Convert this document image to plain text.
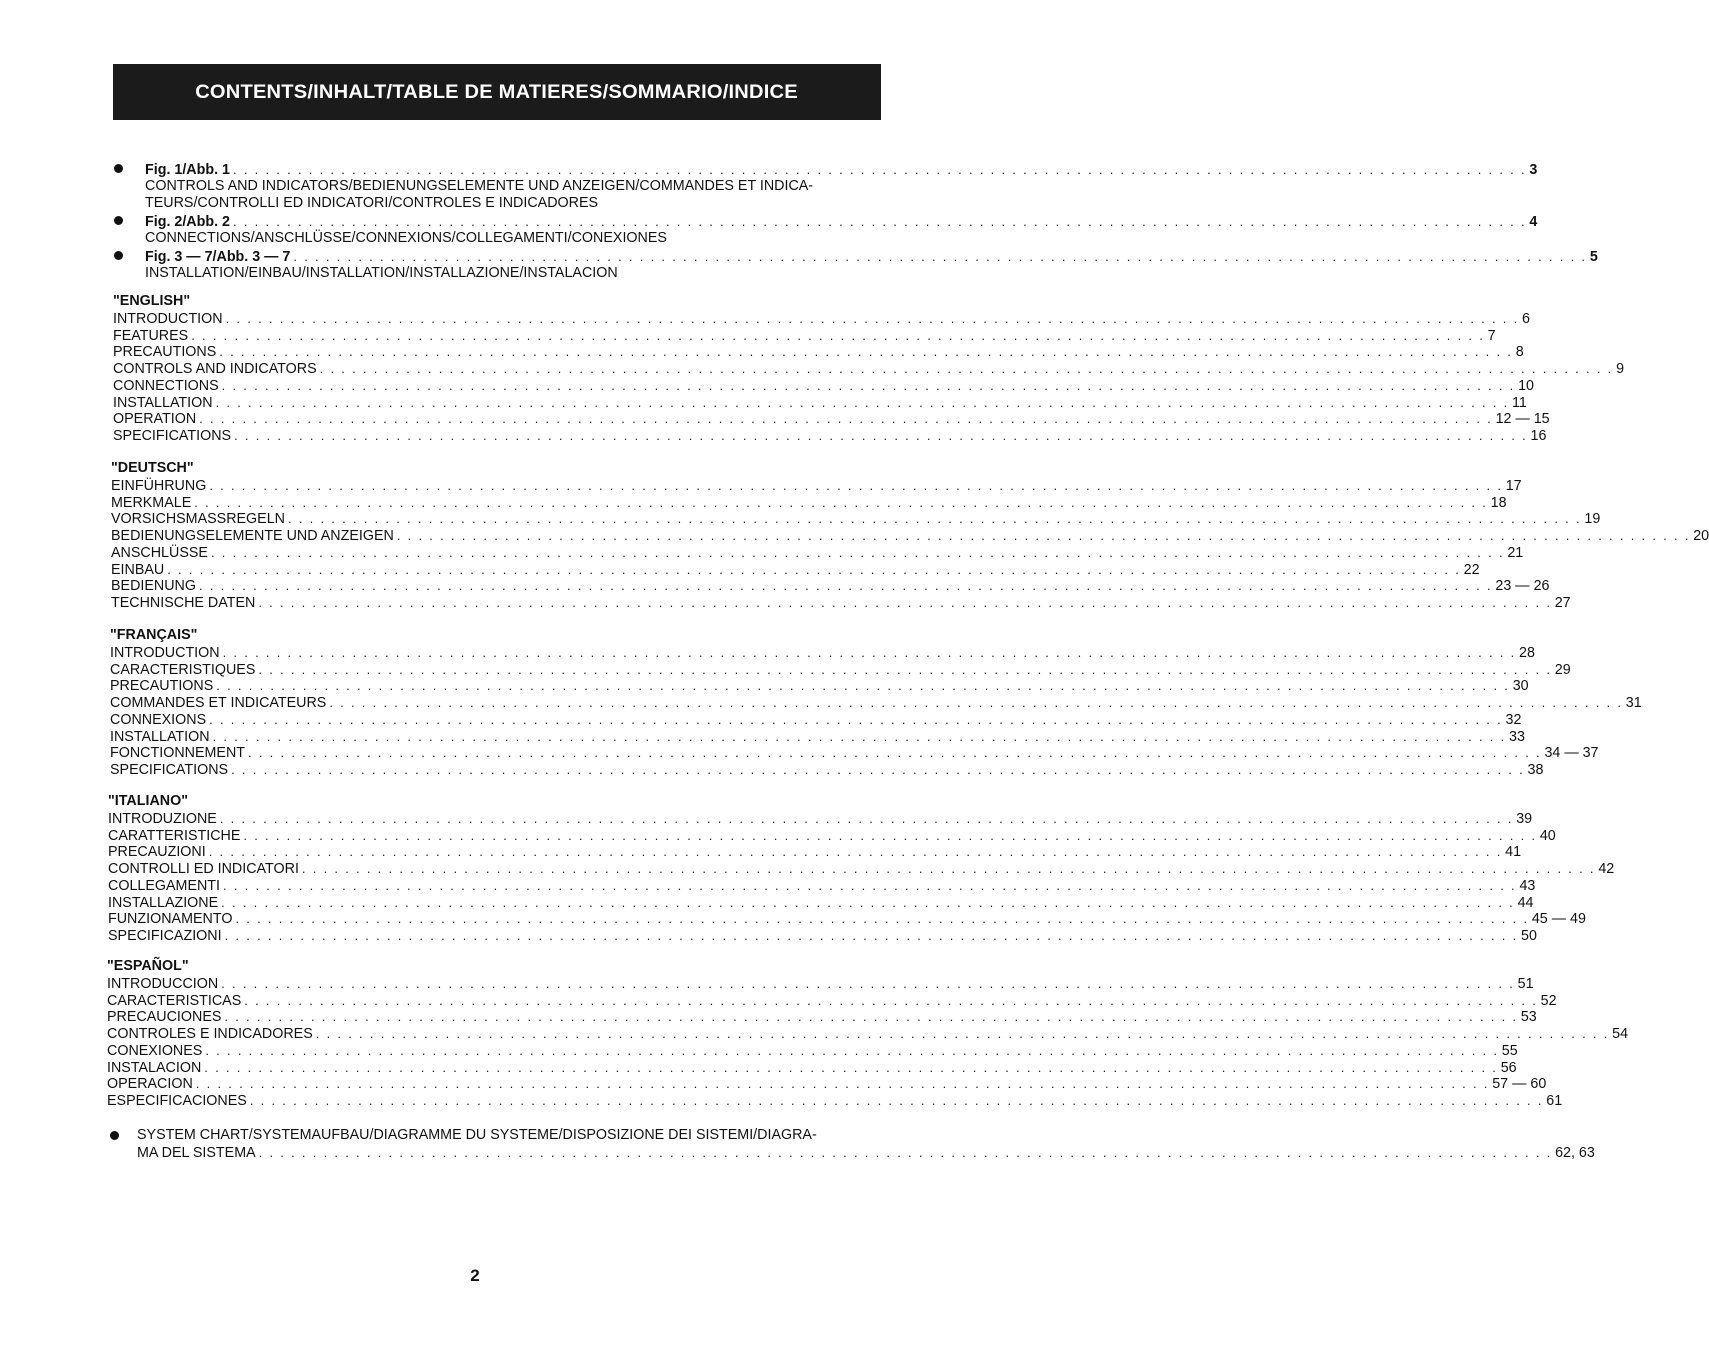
CONTENTS/INHALT/TABLE DE MATIERES/SOMMARIO/INDICE
Fig. 1/Abb. 1 . . . . . . . . . . . . . . . . . . . . . . . . . . . . . . . . . . . . . . . . . . . . . . . . . . . . . . . . . . . . . . . . . . . . . . . . . . . . . . . . . . . . . . . . . . . . . . . . . . . . . . . . . . . . . . . . . . . . . . . . 3
CONTROLS AND INDICATORS/BEDIENUNGSELEMENTE UND ANZEIGEN/COMMANDES ET INDICA-
TEURS/CONTROLLI ED INDICATORI/CONTROLES E INDICADORES
Fig. 2/Abb. 2 . . . . . . . . . . . . . . . . . . . . . . . . . . . . . . . . . . . . . . . . . . . . . . . . . . . . . . . . . . . . . . . . . . . . . . . . . . . . . . . . . . . . . . . . . . . . . . . . . . . . . . . . . . . . . . . . . . . . . . . . 4
CONNECTIONS/ANSCHLÜSSE/CONNEXIONS/COLLEGAMENTI/CONEXIONES
Fig. 3 — 7/Abb. 3 — 7 . . . . . . . . . . . . . . . . . . . . . . . . . . . . . . . . . . . . . . . . . . . . . . . . . . . . . . . . . . . . . . . . . . . . . . . . . . . . . . . . . . . . . . . . . . . . . . . . . . . . . . . . . . . . . . . . . . . . . . . . 5
INSTALLATION/EINBAU/INSTALLATION/INSTALLAZIONE/INSTALACION
"ENGLISH"
INTRODUCTION . . . . . . . . . . . . . . . . . . . . . . . . . . . . . . . . . . . . . . . . . . . . . . . . . . . . . . . . . . . . . . . . . . . . . . . . . . . . . . . . . . . . . . . . . . . . . . . . . . . . . . . . . . . . . . . . . . . . . . . . 6
FEATURES . . . . . . . . . . . . . . . . . . . . . . . . . . . . . . . . . . . . . . . . . . . . . . . . . . . . . . . . . . . . . . . . . . . . . . . . . . . . . . . . . . . . . . . . . . . . . . . . . . . . . . . . . . . . . . . . . . . . . . . . 7
PRECAUTIONS . . . . . . . . . . . . . . . . . . . . . . . . . . . . . . . . . . . . . . . . . . . . . . . . . . . . . . . . . . . . . . . . . . . . . . . . . . . . . . . . . . . . . . . . . . . . . . . . . . . . . . . . . . . . . . . . . . . . . . . . 8
CONTROLS AND INDICATORS . . . . . . . . . . . . . . . . . . . . . . . . . . . . . . . . . . . . . . . . . . . . . . . . . . . . . . . . . . . . . . . . . . . . . . . . . . . . . . . . . . . . . . . . . . . . . . . . . . . . . . . . . . . . . . . . . . . . . . . . 9
CONNECTIONS . . . . . . . . . . . . . . . . . . . . . . . . . . . . . . . . . . . . . . . . . . . . . . . . . . . . . . . . . . . . . . . . . . . . . . . . . . . . . . . . . . . . . . . . . . . . . . . . . . . . . . . . . . . . . . . . . . . . . . . . 10
INSTALLATION . . . . . . . . . . . . . . . . . . . . . . . . . . . . . . . . . . . . . . . . . . . . . . . . . . . . . . . . . . . . . . . . . . . . . . . . . . . . . . . . . . . . . . . . . . . . . . . . . . . . . . . . . . . . . . . . . . . . . . . . 11
OPERATION . . . . . . . . . . . . . . . . . . . . . . . . . . . . . . . . . . . . . . . . . . . . . . . . . . . . . . . . . . . . . . . . . . . . . . . . . . . . . . . . . . . . . . . . . . . . . . . . . . . . . . . . . . . . . . . . . . . . . . . . 12 — 15
SPECIFICATIONS . . . . . . . . . . . . . . . . . . . . . . . . . . . . . . . . . . . . . . . . . . . . . . . . . . . . . . . . . . . . . . . . . . . . . . . . . . . . . . . . . . . . . . . . . . . . . . . . . . . . . . . . . . . . . . . . . . . . . . . . 16
"DEUTSCH"
EINFÜHRUNG . . . . . . . . . . . . . . . . . . . . . . . . . . . . . . . . . . . . . . . . . . . . . . . . . . . . . . . . . . . . . . . . . . . . . . . . . . . . . . . . . . . . . . . . . . . . . . . . . . . . . . . . . . . . . . . . . . . . . . . . 17
MERKMALE . . . . . . . . . . . . . . . . . . . . . . . . . . . . . . . . . . . . . . . . . . . . . . . . . . . . . . . . . . . . . . . . . . . . . . . . . . . . . . . . . . . . . . . . . . . . . . . . . . . . . . . . . . . . . . . . . . . . . . . . 18
VORSICHSMASSREGELN . . . . . . . . . . . . . . . . . . . . . . . . . . . . . . . . . . . . . . . . . . . . . . . . . . . . . . . . . . . . . . . . . . . . . . . . . . . . . . . . . . . . . . . . . . . . . . . . . . . . . . . . . . . . . . . . . . . . . . . . 19
BEDIENUNGSELEMENTE UND ANZEIGEN . . . . . . . . . . . . . . . . . . . . . . . . . . . . . . . . . . . . . . . . . . . . . . . . . . . . . . . . . . . . . . . . . . . . . . . . . . . . . . . . . . . . . . . . . . . . . . . . . . . . . . . . . . . . . . . . . . . . . . . . 20
ANSCHLÜSSE . . . . . . . . . . . . . . . . . . . . . . . . . . . . . . . . . . . . . . . . . . . . . . . . . . . . . . . . . . . . . . . . . . . . . . . . . . . . . . . . . . . . . . . . . . . . . . . . . . . . . . . . . . . . . . . . . . . . . . . . 21
EINBAU . . . . . . . . . . . . . . . . . . . . . . . . . . . . . . . . . . . . . . . . . . . . . . . . . . . . . . . . . . . . . . . . . . . . . . . . . . . . . . . . . . . . . . . . . . . . . . . . . . . . . . . . . . . . . . . . . . . . . . . . 22
BEDIENUNG . . . . . . . . . . . . . . . . . . . . . . . . . . . . . . . . . . . . . . . . . . . . . . . . . . . . . . . . . . . . . . . . . . . . . . . . . . . . . . . . . . . . . . . . . . . . . . . . . . . . . . . . . . . . . . . . . . . . . . . . 23 — 26
TECHNISCHE DATEN . . . . . . . . . . . . . . . . . . . . . . . . . . . . . . . . . . . . . . . . . . . . . . . . . . . . . . . . . . . . . . . . . . . . . . . . . . . . . . . . . . . . . . . . . . . . . . . . . . . . . . . . . . . . . . . . . . . . . . . . 27
"FRANÇAIS"
INTRODUCTION . . . . . . . . . . . . . . . . . . . . . . . . . . . . . . . . . . . . . . . . . . . . . . . . . . . . . . . . . . . . . . . . . . . . . . . . . . . . . . . . . . . . . . . . . . . . . . . . . . . . . . . . . . . . . . . . . . . . . . . . 28
CARACTERISTIQUES . . . . . . . . . . . . . . . . . . . . . . . . . . . . . . . . . . . . . . . . . . . . . . . . . . . . . . . . . . . . . . . . . . . . . . . . . . . . . . . . . . . . . . . . . . . . . . . . . . . . . . . . . . . . . . . . . . . . . . . . 29
PRECAUTIONS . . . . . . . . . . . . . . . . . . . . . . . . . . . . . . . . . . . . . . . . . . . . . . . . . . . . . . . . . . . . . . . . . . . . . . . . . . . . . . . . . . . . . . . . . . . . . . . . . . . . . . . . . . . . . . . . . . . . . . . . 30
COMMANDES ET INDICATEURS . . . . . . . . . . . . . . . . . . . . . . . . . . . . . . . . . . . . . . . . . . . . . . . . . . . . . . . . . . . . . . . . . . . . . . . . . . . . . . . . . . . . . . . . . . . . . . . . . . . . . . . . . . . . . . . . . . . . . . . . 31
CONNEXIONS . . . . . . . . . . . . . . . . . . . . . . . . . . . . . . . . . . . . . . . . . . . . . . . . . . . . . . . . . . . . . . . . . . . . . . . . . . . . . . . . . . . . . . . . . . . . . . . . . . . . . . . . . . . . . . . . . . . . . . . . 32
INSTALLATION . . . . . . . . . . . . . . . . . . . . . . . . . . . . . . . . . . . . . . . . . . . . . . . . . . . . . . . . . . . . . . . . . . . . . . . . . . . . . . . . . . . . . . . . . . . . . . . . . . . . . . . . . . . . . . . . . . . . . . . . 33
FONCTIONNEMENT . . . . . . . . . . . . . . . . . . . . . . . . . . . . . . . . . . . . . . . . . . . . . . . . . . . . . . . . . . . . . . . . . . . . . . . . . . . . . . . . . . . . . . . . . . . . . . . . . . . . . . . . . . . . . . . . . . . . . . . . 34 — 37
SPECIFICATIONS . . . . . . . . . . . . . . . . . . . . . . . . . . . . . . . . . . . . . . . . . . . . . . . . . . . . . . . . . . . . . . . . . . . . . . . . . . . . . . . . . . . . . . . . . . . . . . . . . . . . . . . . . . . . . . . . . . . . . . . . 38
"ITALIANO"
INTRODUZIONE . . . . . . . . . . . . . . . . . . . . . . . . . . . . . . . . . . . . . . . . . . . . . . . . . . . . . . . . . . . . . . . . . . . . . . . . . . . . . . . . . . . . . . . . . . . . . . . . . . . . . . . . . . . . . . . . . . . . . . . . 39
CARATTERISTICHE . . . . . . . . . . . . . . . . . . . . . . . . . . . . . . . . . . . . . . . . . . . . . . . . . . . . . . . . . . . . . . . . . . . . . . . . . . . . . . . . . . . . . . . . . . . . . . . . . . . . . . . . . . . . . . . . . . . . . . . . 40
PRECAUZIONI . . . . . . . . . . . . . . . . . . . . . . . . . . . . . . . . . . . . . . . . . . . . . . . . . . . . . . . . . . . . . . . . . . . . . . . . . . . . . . . . . . . . . . . . . . . . . . . . . . . . . . . . . . . . . . . . . . . . . . . . 41
CONTROLLI ED INDICATORI . . . . . . . . . . . . . . . . . . . . . . . . . . . . . . . . . . . . . . . . . . . . . . . . . . . . . . . . . . . . . . . . . . . . . . . . . . . . . . . . . . . . . . . . . . . . . . . . . . . . . . . . . . . . . . . . . . . . . . . . 42
COLLEGAMENTI . . . . . . . . . . . . . . . . . . . . . . . . . . . . . . . . . . . . . . . . . . . . . . . . . . . . . . . . . . . . . . . . . . . . . . . . . . . . . . . . . . . . . . . . . . . . . . . . . . . . . . . . . . . . . . . . . . . . . . . . 43
INSTALLAZIONE . . . . . . . . . . . . . . . . . . . . . . . . . . . . . . . . . . . . . . . . . . . . . . . . . . . . . . . . . . . . . . . . . . . . . . . . . . . . . . . . . . . . . . . . . . . . . . . . . . . . . . . . . . . . . . . . . . . . . . . . 44
FUNZIONAMENTO . . . . . . . . . . . . . . . . . . . . . . . . . . . . . . . . . . . . . . . . . . . . . . . . . . . . . . . . . . . . . . . . . . . . . . . . . . . . . . . . . . . . . . . . . . . . . . . . . . . . . . . . . . . . . . . . . . . . . . . . 45 — 49
SPECIFICAZIONI . . . . . . . . . . . . . . . . . . . . . . . . . . . . . . . . . . . . . . . . . . . . . . . . . . . . . . . . . . . . . . . . . . . . . . . . . . . . . . . . . . . . . . . . . . . . . . . . . . . . . . . . . . . . . . . . . . . . . . . . 50
"ESPAÑOL"
INTRODUCCION . . . . . . . . . . . . . . . . . . . . . . . . . . . . . . . . . . . . . . . . . . . . . . . . . . . . . . . . . . . . . . . . . . . . . . . . . . . . . . . . . . . . . . . . . . . . . . . . . . . . . . . . . . . . . . . . . . . . . . . . 51
CARACTERISTICAS . . . . . . . . . . . . . . . . . . . . . . . . . . . . . . . . . . . . . . . . . . . . . . . . . . . . . . . . . . . . . . . . . . . . . . . . . . . . . . . . . . . . . . . . . . . . . . . . . . . . . . . . . . . . . . . . . . . . . . . . 52
PRECAUCIONES . . . . . . . . . . . . . . . . . . . . . . . . . . . . . . . . . . . . . . . . . . . . . . . . . . . . . . . . . . . . . . . . . . . . . . . . . . . . . . . . . . . . . . . . . . . . . . . . . . . . . . . . . . . . . . . . . . . . . . . . 53
CONTROLES E INDICADORES . . . . . . . . . . . . . . . . . . . . . . . . . . . . . . . . . . . . . . . . . . . . . . . . . . . . . . . . . . . . . . . . . . . . . . . . . . . . . . . . . . . . . . . . . . . . . . . . . . . . . . . . . . . . . . . . . . . . . . . . 54
CONEXIONES . . . . . . . . . . . . . . . . . . . . . . . . . . . . . . . . . . . . . . . . . . . . . . . . . . . . . . . . . . . . . . . . . . . . . . . . . . . . . . . . . . . . . . . . . . . . . . . . . . . . . . . . . . . . . . . . . . . . . . . . 55
INSTALACION . . . . . . . . . . . . . . . . . . . . . . . . . . . . . . . . . . . . . . . . . . . . . . . . . . . . . . . . . . . . . . . . . . . . . . . . . . . . . . . . . . . . . . . . . . . . . . . . . . . . . . . . . . . . . . . . . . . . . . . . 56
OPERACION . . . . . . . . . . . . . . . . . . . . . . . . . . . . . . . . . . . . . . . . . . . . . . . . . . . . . . . . . . . . . . . . . . . . . . . . . . . . . . . . . . . . . . . . . . . . . . . . . . . . . . . . . . . . . . . . . . . . . . . . 57 — 60
ESPECIFICACIONES . . . . . . . . . . . . . . . . . . . . . . . . . . . . . . . . . . . . . . . . . . . . . . . . . . . . . . . . . . . . . . . . . . . . . . . . . . . . . . . . . . . . . . . . . . . . . . . . . . . . . . . . . . . . . . . . . . . . . . . . 61
SYSTEM CHART/SYSTEMAUFBAU/DIAGRAMME DU SYSTEME/DISPOSIZIONE DEI SISTEMI/DIAGRA-
MA DEL SISTEMA . . . . . . . . . . . . . . . . . . . . . . . . . . . . . . . . . . . . . . . . . . . . . . . . . . . . . . . . . . . . . . . . . . . . . . . . . . . . . . . . . . . . . . . . . . . . . . . . . . . . . . . . . . . . . . . . . . . . . . . . 62, 63
2
